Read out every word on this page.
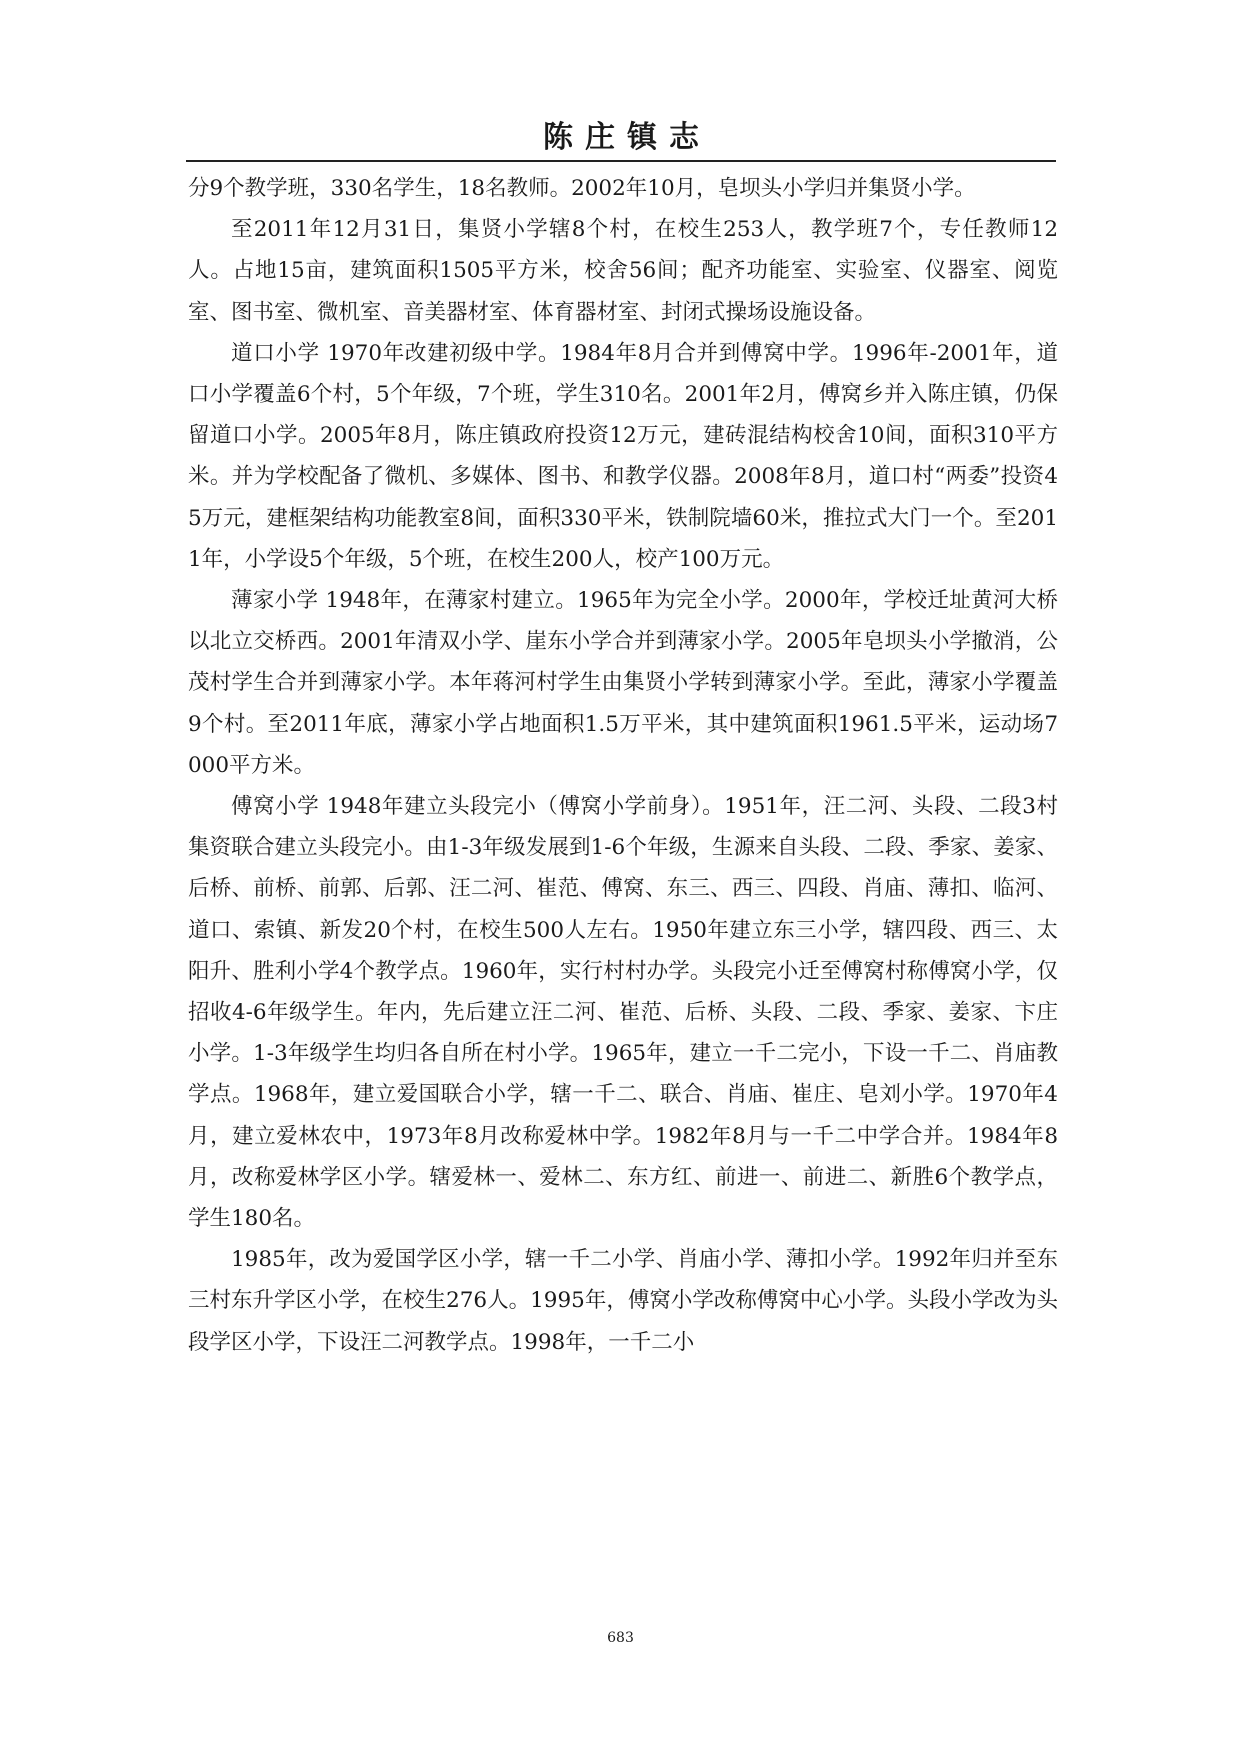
陈庄镇志

分9个教学班，330名学生，18名教师。2002年10月，皂坝头小学归并集贤小学。

至2011年12月31日，集贤小学辖8个村，在校生253人，教学班7个，专任教师12人。占地15亩，建筑面积1505平方米，校舍56间；配齐功能室、实验室、仪器室、阅览室、图书室、微机室、音美器材室、体育器材室、封闭式操场设施设备。

道口小学 1970年改建初级中学。1984年8月合并到傅窝中学。1996年-2001年，道口小学覆盖6个村，5个年级，7个班，学生310名。2001年2月，傅窝乡并入陈庄镇，仍保留道口小学。2005年8月，陈庄镇政府投资12万元，建砖混结构校舍10间，面积310平方米。并为学校配备了微机、多媒体、图书、和教学仪器。2008年8月，道口村“两委”投资45万元，建框架结构功能教室8间，面积330平米，铁制院墙60米，推拉式大门一个。至2011年，小学设5个年级，5个班，在校生200人，校产100万元。

薄家小学 1948年，在薄家村建立。1965年为完全小学。2000年，学校迁址黄河大桥以北立交桥西。2001年清双小学、崖东小学合并到薄家小学。2005年皂坝头小学撤消，公茂村学生合并到薄家小学。本年蒋河村学生由集贤小学转到薄家小学。至此，薄家小学覆盖9个村。至2011年底，薄家小学占地面积1.5万平米，其中建筑面积1961.5平米，运动场7000平方米。

傅窝小学 1948年建立头段完小（傅窝小学前身）。1951年，汪二河、头段、二段3村集资联合建立头段完小。由1-3年级发展到1-6个年级，生源来自头段、二段、季家、姜家、后桥、前桥、前郭、后郭、汪二河、崔范、傅窝、东三、西三、四段、肖庙、薄扣、临河、道口、索镇、新发20个村，在校生500人左右。1950年建立东三小学，辖四段、西三、太阳升、胜利小学4个教学点。1960年，实行村村办学。头段完小迁至傅窝村称傅窝小学，仅招收4-6年级学生。年内，先后建立汪二河、崔范、后桥、头段、二段、季家、姜家、卞庄小学。1-3年级学生均归各自所在村小学。1965年，建立一千二完小，下设一千二、肖庙教学点。1968年，建立爱国联合小学，辖一千二、联合、肖庙、崔庄、皂刘小学。1970年4月，建立爱林农中，1973年8月改称爱林中学。1982年8月与一千二中学合并。1984年8月，改称爱林学区小学。辖爱林一、爱林二、东方红、前进一、前进二、新胜6个教学点，学生180名。

1985年，改为爱国学区小学，辖一千二小学、肖庙小学、薄扣小学。1992年归并至东三村东升学区小学，在校生276人。1995年，傅窝小学改称傅窝中心小学。头段小学改为头段学区小学，下设汪二河教学点。1998年，一千二小

683
